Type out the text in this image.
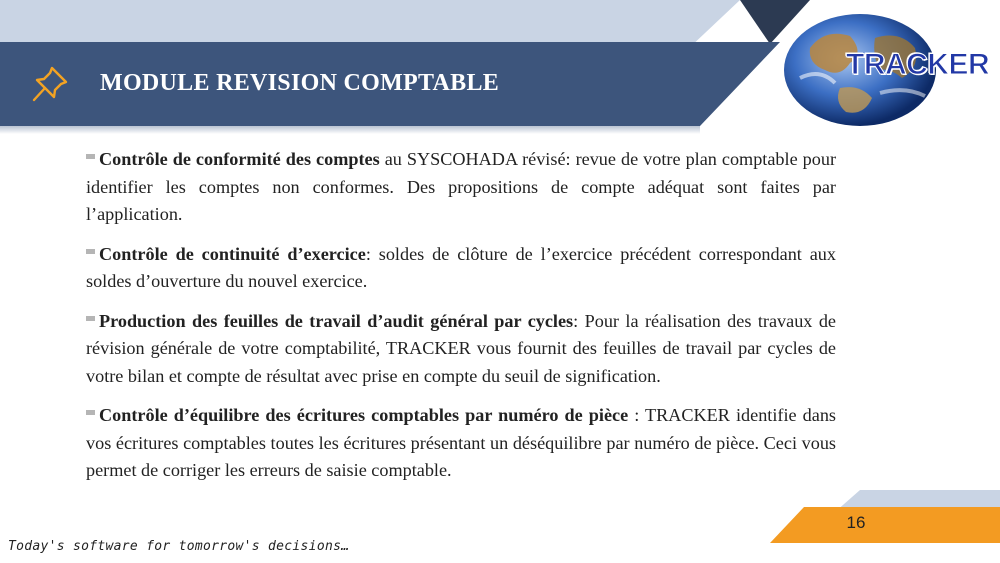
MODULE REVISION COMPTABLE
TRACKER

Contrôle de conformité des comptes au SYSCOHADA révisé: revue de votre plan comptable pour identifier les comptes non conformes. Des propositions de compte adéquat sont faites par l’application.

Contrôle de continuité d’exercice: soldes de clôture de l’exercice précédent correspondant aux soldes d’ouverture du nouvel exercice.

Production des feuilles de travail d’audit général par cycles: Pour la réalisation des travaux de révision générale de votre comptabilité, TRACKER vous fournit des feuilles de travail par cycles de votre bilan et compte de résultat avec prise en compte du seuil de signification.

Contrôle d’équilibre des écritures comptables par numéro de pièce : TRACKER identifie dans vos écritures comptables toutes les écritures présentant un déséquilibre par numéro de pièce. Ceci vous permet de corriger les erreurs de saisie comptable.

16
Today's software for tomorrow's decisions…
